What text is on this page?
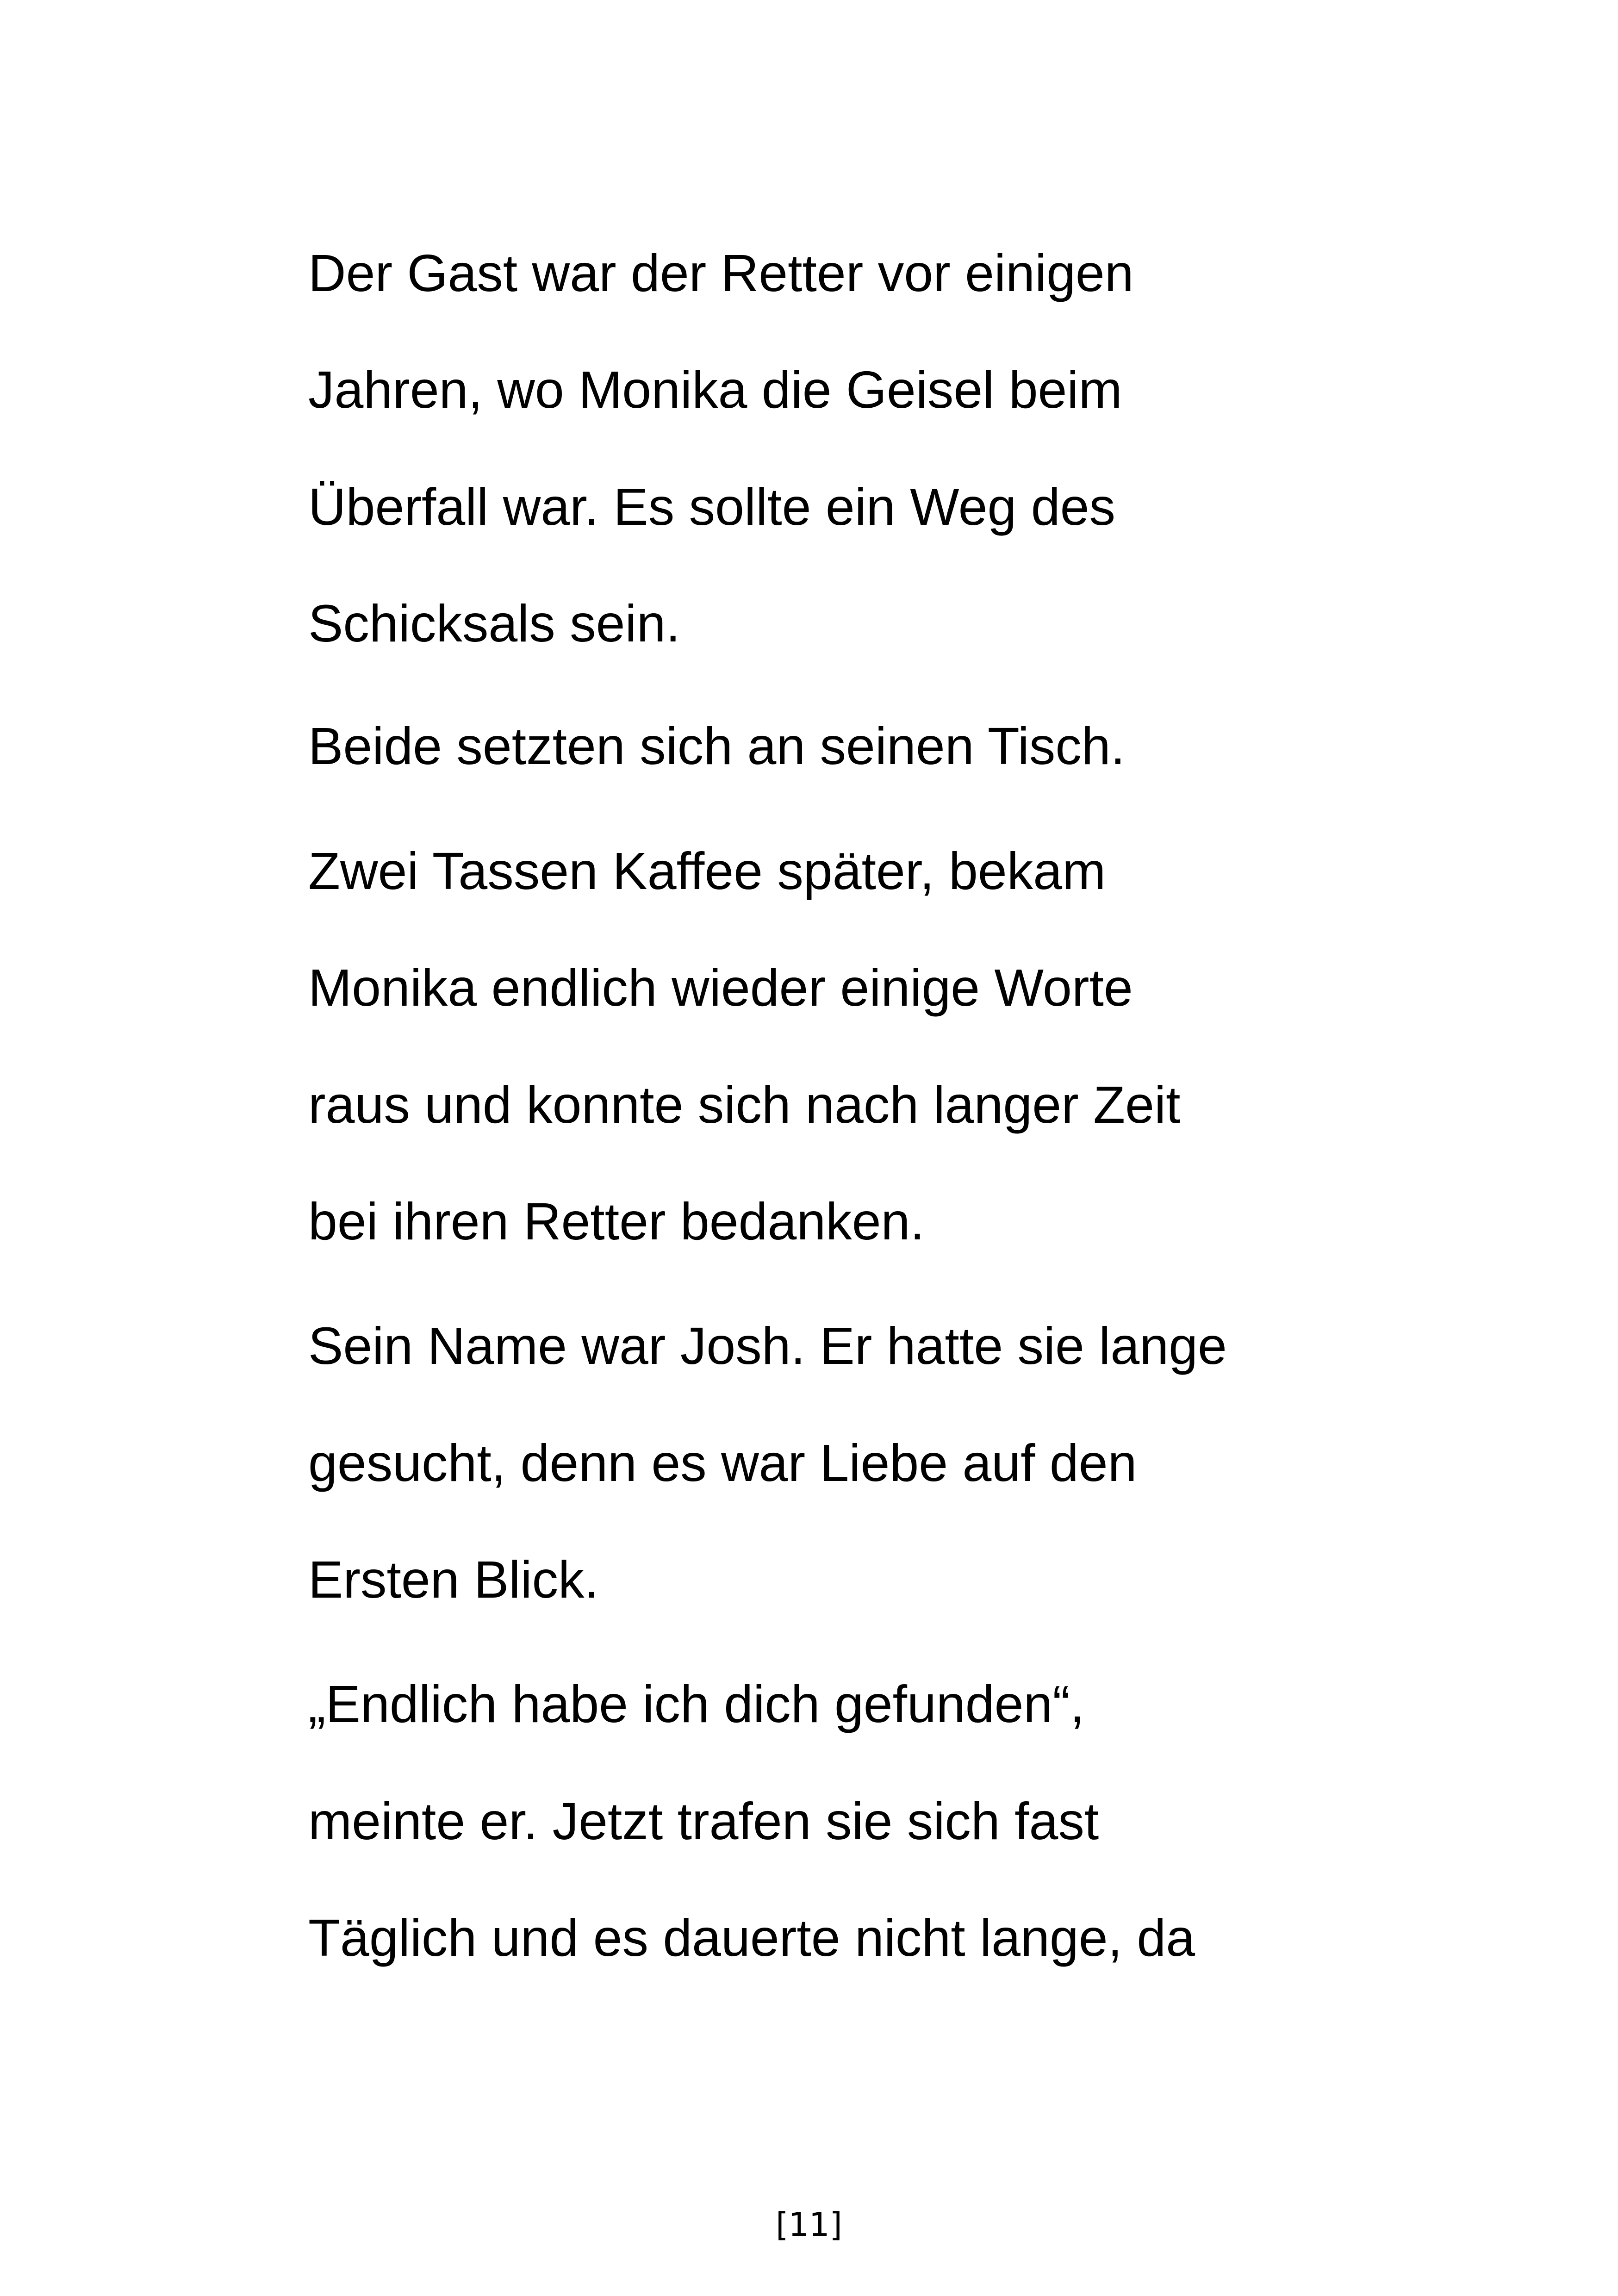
Der Gast war der Retter vor einigen
Jahren, wo Monika die Geisel beim
Überfall war. Es sollte ein Weg des
Schicksals sein.
Beide setzten sich an seinen Tisch.
Zwei Tassen Kaffee später, bekam
Monika endlich wieder einige Worte
raus und konnte sich nach langer Zeit
bei ihren Retter bedanken.
Sein Name war Josh. Er hatte sie lange
gesucht, denn es war Liebe auf den
Ersten Blick.
„Endlich habe ich dich gefunden“,
meinte er. Jetzt trafen sie sich fast
Täglich und es dauerte nicht lange, da
[11]
